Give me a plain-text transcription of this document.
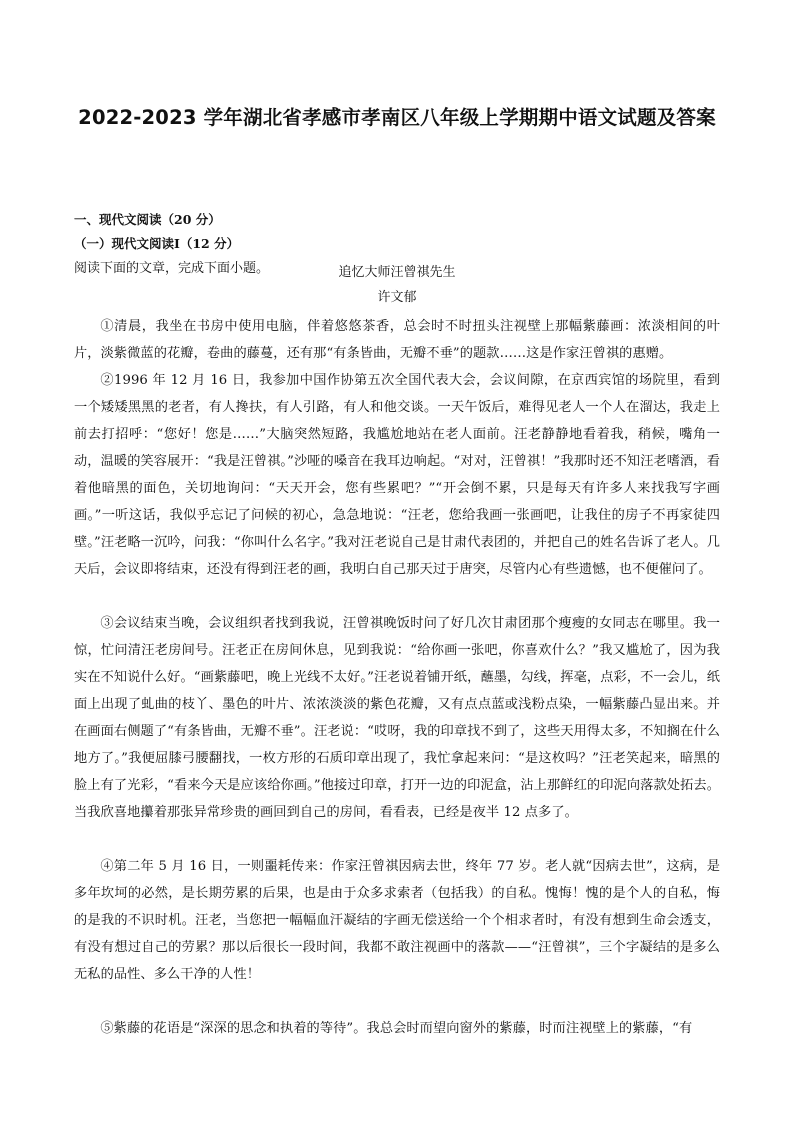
2022-2023 学年湖北省孝感市孝南区八年级上学期期中语文试题及答案
一、现代文阅读（20 分）
（一）现代文阅读Ⅰ（12 分）
阅读下面的文章，完成下面小题。	追忆大师汪曾祺先生
许文郁
①清晨，我坐在书房中使用电脑，伴着悠悠茶香，总会时不时扭头注视壁上那幅紫藤画：浓淡相间的叶片，淡紫微蓝的花瓣，卷曲的藤蔓，还有那“有条皆曲，无瓣不垂”的题款……这是作家汪曾祺的惠赠。
②1996 年 12 月 16 日，我参加中国作协第五次全国代表大会，会议间隙，在京西宾馆的场院里，看到一个矮矮黑黑的老者，有人搀扶，有人引路，有人和他交谈。一天午饭后，难得见老人一个人在溜达，我走上前去打招呼：“您好！您是……”大脑突然短路，我尴尬地站在老人面前。汪老静静地看着我，稍候，嘴角一动，温暖的笑容展开：“我是汪曾祺。”沙哑的嗓音在我耳边响起。“对对，汪曾祺！”我那时还不知汪老嗜酒，看着他暗黑的面色，关切地询问：“天天开会，您有些累吧？”“开会倒不累，只是每天有许多人来找我写字画画。”一听这话，我似乎忘记了问候的初心，急急地说：“汪老，您给我画一张画吧，让我住的房子不再家徒四壁。”汪老略一沉吟，问我：“你叫什么名字。”我对汪老说自己是甘肃代表团的，并把自己的姓名告诉了老人。几天后，会议即将结束，还没有得到汪老的画，我明白自己那天过于唐突，尽管内心有些遗憾，也不便催问了。
③会议结束当晚，会议组织者找到我说，汪曾祺晚饭时问了好几次甘肃团那个瘦瘦的女同志在哪里。我一惊，忙问清汪老房间号。汪老正在房间休息，见到我说：“给你画一张吧，你喜欢什么？”我又尴尬了，因为我实在不知说什么好。“画紫藤吧，晚上光线不太好。”汪老说着铺开纸，蘸墨，勾线，挥毫，点彩，不一会儿，纸面上出现了虬曲的枝丫、墨色的叶片、浓浓淡淡的紫色花瓣，又有点点蓝或浅粉点染，一幅紫藤凸显出来。并在画面右侧题了“有条皆曲，无瓣不垂”。汪老说：“哎呀，我的印章找不到了，这些天用得太多，不知搁在什么地方了。”我便屈膝弓腰翻找，一枚方形的石质印章出现了，我忙拿起来问：“是这枚吗？”汪老笑起来，暗黑的脸上有了光彩，“看来今天是应该给你画。”他接过印章，打开一边的印泥盒，沾上那鲜红的印泥向落款处拓去。当我欣喜地攥着那张异常珍贵的画回到自己的房间，看看表，已经是夜半 12 点多了。
④第二年 5 月 16 日，一则噩耗传来：作家汪曾祺因病去世，终年 77 岁。老人就“因病去世”，这病，是多年坎坷的必然，是长期劳累的后果，也是由于众多求索者（包括我）的自私。愧悔！愧的是个人的自私，悔的是我的不识时机。汪老，当您把一幅幅血汗凝结的字画无偿送给一个个相求者时，有没有想到生命会透支，有没有想过自己的劳累？那以后很长一段时间，我都不敢注视画中的落款——“汪曾祺”，三个字凝结的是多么无私的品性、多么干净的人性！
⑤紫藤的花语是“深深的思念和执着的等待”。我总会时而望向窗外的紫藤，时而注视壁上的紫藤，“有
